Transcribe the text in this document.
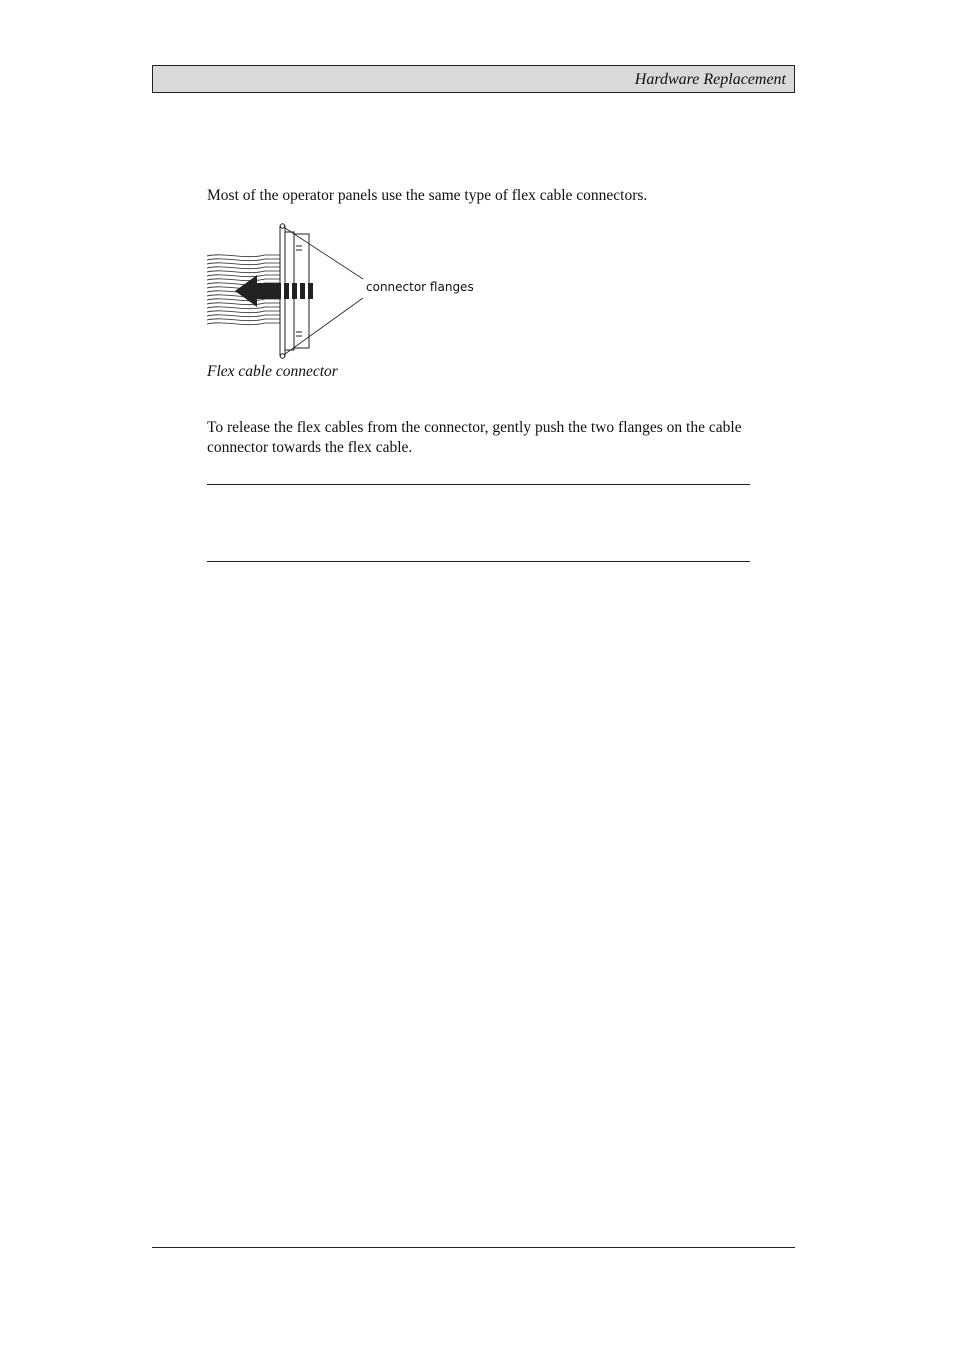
Hardware Replacement

Most of the operator panels use the same type of flex cable connectors.

connector flanges
Flex cable connector

To release the flex cables from the connector, gently push the two flanges on the cable connector towards the flex cable.
